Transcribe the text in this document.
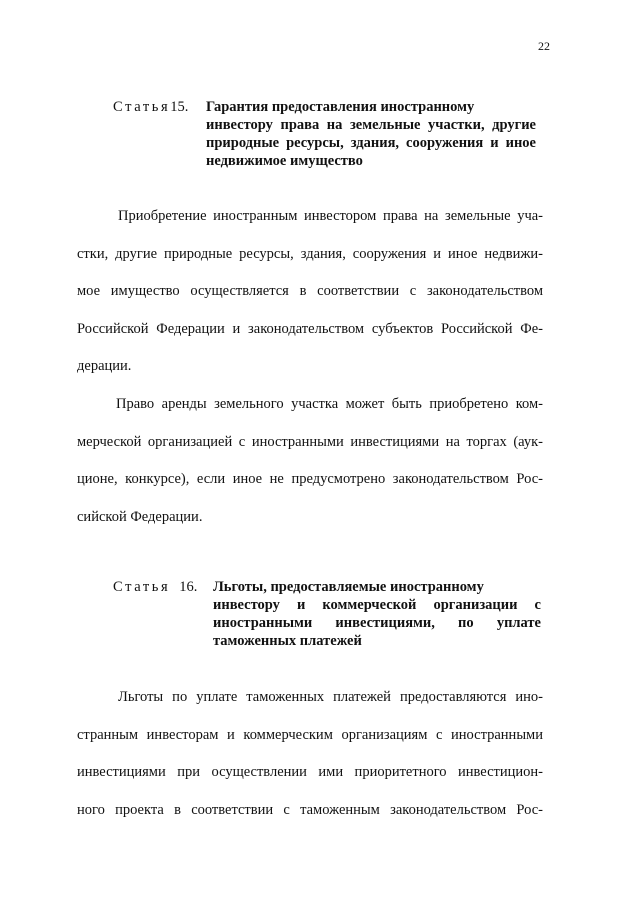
22
Статья15.	Гарантия предоставления иностранному
инвестору права на земельные участки, другие
природные ресурсы, здания, сооружения и иное
недвижимое имущество
Приобретение иностранным инвестором права на земельные уча-
стки, другие природные ресурсы, здания, сооружения и иное недвижи-
мое имущество осуществляется в соответствии с законодательством
Российской Федерации и законодательством субъектов Российской Фе-
дерации.
Право аренды земельного участка может быть приобретено ком-
мерческой организацией с иностранными инвестициями на торгах (аук-
ционе, конкурсе), если иное не предусмотрено законодательством Рос-
сийской Федерации.
Статья 16.	Льготы, предоставляемые иностранному
инвестору и коммерческой организации с
иностранными инвестициями, по уплате
таможенных платежей
Льготы по уплате таможенных платежей предоставляются ино-
странным инвесторам и коммерческим организациям с иностранными
инвестициями при осуществлении ими приоритетного инвестицион-
ного проекта в соответствии с таможенным законодательством Рос-
